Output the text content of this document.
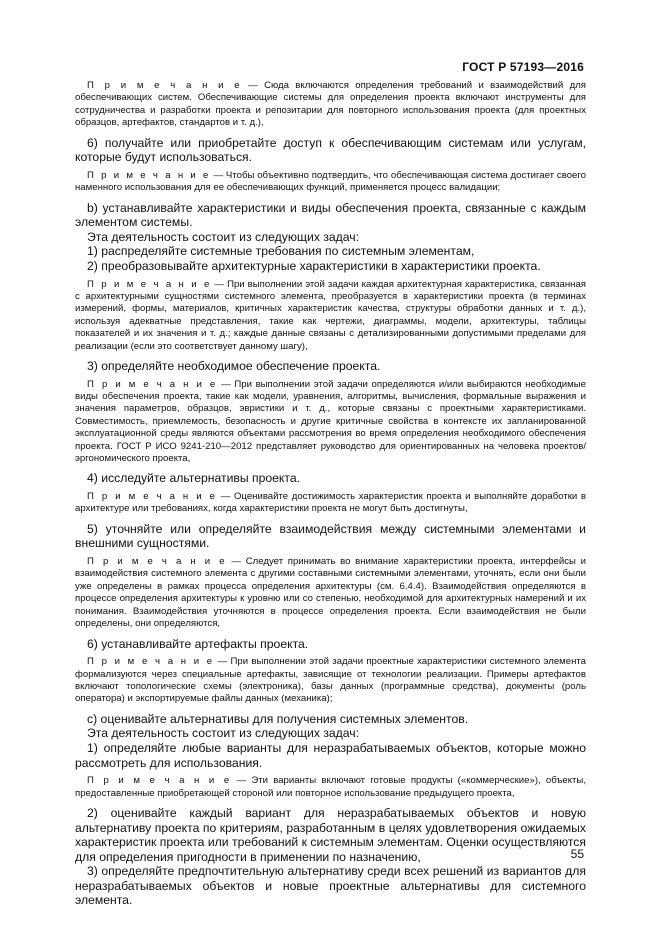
ГОСТ Р 57193—2016

П р и м е ч а н и е — Сюда включаются определения требований и взаимодействий для обеспечивающих систем. Обеспечивающие системы для определения проекта включают инструменты для сотрудничества и разработки проекта и репозитарии для повторного использования проекта (для проектных образцов, артефактов, стандартов и т. д.),

6) получайте или приобретайте доступ к обеспечивающим системам или услугам, которые будут использоваться.

П р и м е ч а н и е — Чтобы объективно подтвердить, что обеспечивающая система достигает своего наменного использования для ее обеспечивающих функций, применяется процесс валидации;

b) устанавливайте характеристики и виды обеспечения проекта, связанные с каждым элементом системы.

Эта деятельность состоит из следующих задач:

1) распределяйте системные требования по системным элементам,

2) преобразовывайте архитектурные характеристики в характеристики проекта.

П р и м е ч а н и е — При выполнении этой задачи каждая архитектурная характеристика, связанная с архитектурными сущностями системного элемента, преобразуется в характеристики проекта (в терминах измерений, формы, материалов, критичных характеристик качества, структуры обработки данных и т. д.), используя адекватные представления, такие как чертежи, диаграммы, модели, архитектуры, таблицы показателей и их значения и т. д.; каждые данные связаны с детализированными допустимыми пределами для реализации (если это соответствует данному шагу),

3) определяйте необходимое обеспечение проекта.

П р и м е ч а н и е — При выполнении этой задачи определяются и/или выбираются необходимые виды обеспечения проекта, такие как модели, уравнения, алгоритмы, вычисления, формальные выражения и значения параметров, образцов, эвристики и т. д., которые связаны с проектными характеристиками. Совместимость, приемлемость, безопасность и другие критичные свойства в контексте их запланированной эксплуатационной среды являются объектами рассмотрения во время определения необходимого обеспечения проекта. ГОСТ Р ИСО 9241-210—2012 представляет руководство для ориентированных на человека проектов/эргономического проекта,

4) исследуйте альтернативы проекта.

П р и м е ч а н и е — Оценивайте достижимость характеристик проекта и выполняйте доработки в архитектуре или требованиях, когда характеристики проекта не могут быть достигнуты,

5) уточняйте или определяйте взаимодействия между системными элементами и внешними сущностями.

П р и м е ч а н и е — Следует принимать во внимание характеристики проекта, интерфейсы и взаимодействия системного элемента с другими составными системными элементами, уточнять, если они были уже определены в рамках процесса определения архитектуры (см. 6.4.4). Взаимодействия определяются в процессе определения архитектуры к уровню или со степенью, необходимой для архитектурных намерений и их понимания. Взаимодействия уточняются в процессе определения проекта. Если взаимодействия не были определены, они определяются,

6) устанавливайте артефакты проекта.

П р и м е ч а н и е — При выполнении этой задачи проектные характеристики системного элемента формализуются через специальные артефакты, зависящие от технологии реализации. Примеры артефактов включают топологические схемы (электроника), базы данных (программные средства), документы (роль оператора) и экспортируемые файлы данных (механика);

с) оценивайте альтернативы для получения системных элементов.

Эта деятельность состоит из следующих задач:

1) определяйте любые варианты для неразрабатываемых объектов, которые можно рассмотреть для использования.

П р и м е ч а н и е — Эти варианты включают готовые продукты («коммерческие»), объекты, предоставленные приобретающей стороной или повторное использование предыдущего проекта,

2) оценивайте каждый вариант для неразрабатываемых объектов и новую альтернативу проекта по критериям, разработанным в целях удовлетворения ожидаемых характеристик проекта или требований к системным элементам. Оценки осуществляются для определения пригодности в применении по назначению,

3) определяйте предпочтительную альтернативу среди всех решений из вариантов для неразрабатываемых объектов и новые проектные альтернативы для системного элемента.

55
